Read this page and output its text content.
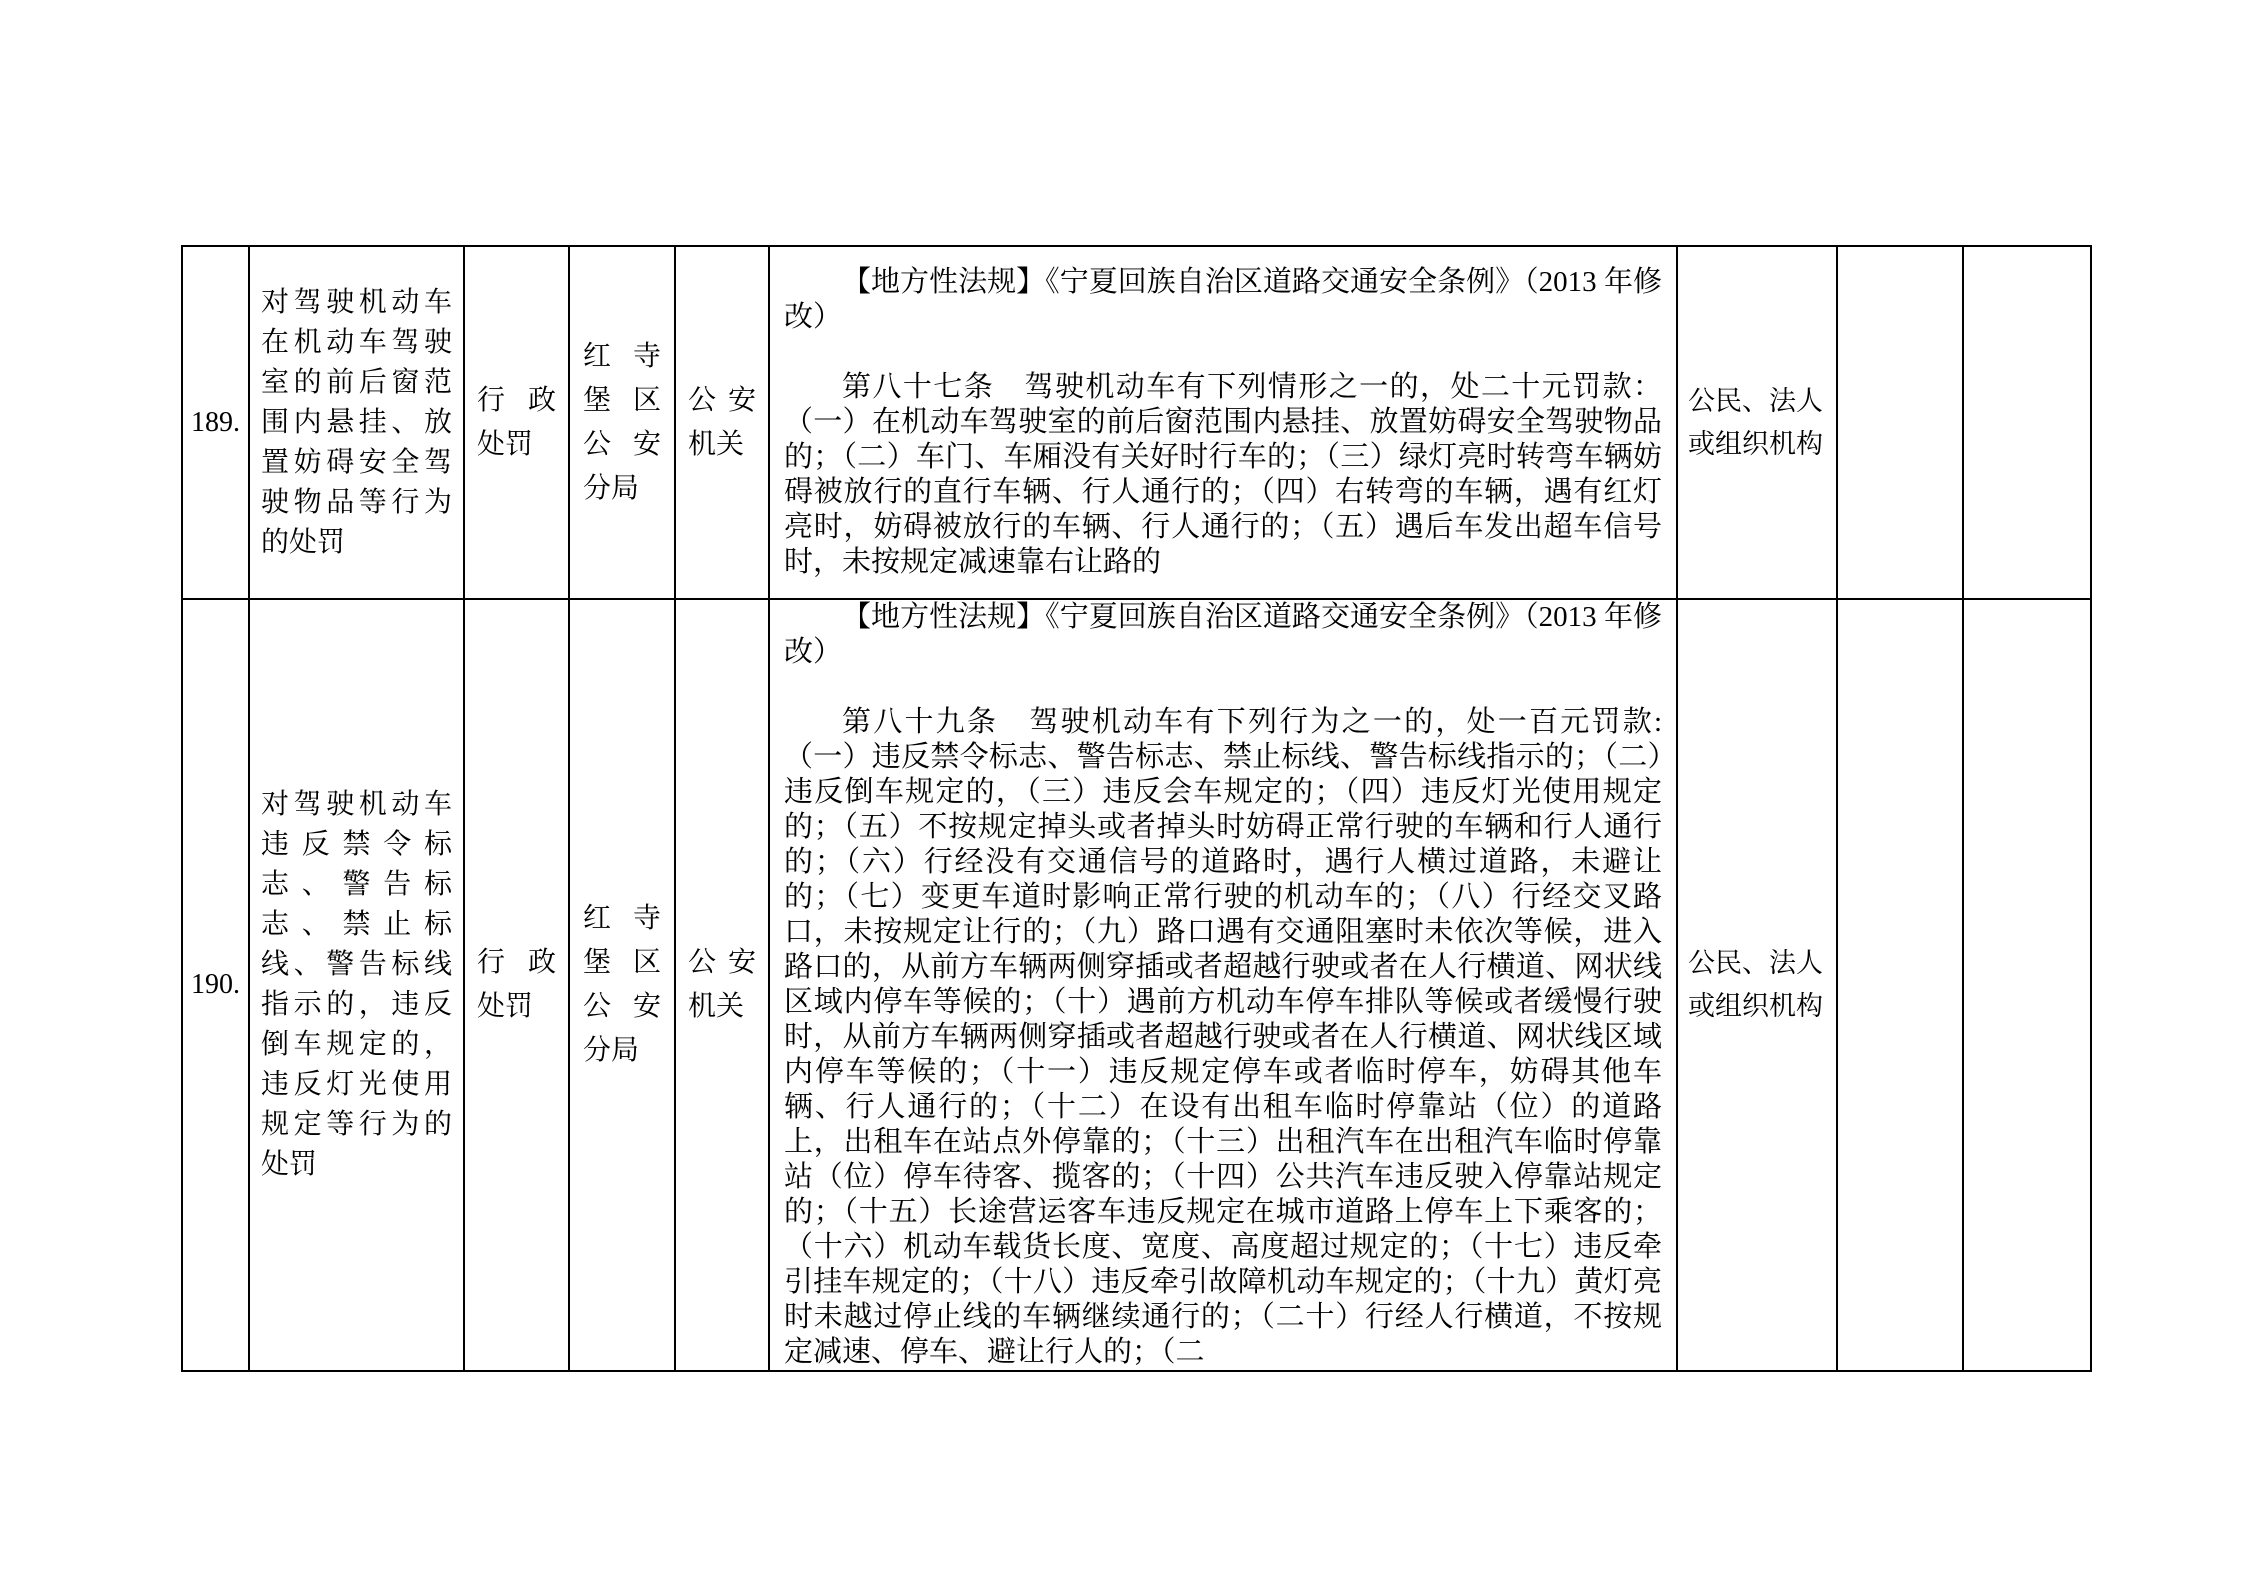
189.	对驾驶机动车在机动车驾驶室的前后窗范围内悬挂、放置妨碍安全驾驶物品等行为的处罚	行政处罚	红寺堡区公安分局	公安机关	【地方性法规】《宁夏回族自治区道路交通安全条例》（2013 年修改）

第八十七条　驾驶机动车有下列情形之一的，处二十元罚款：（一）在机动车驾驶室的前后窗范围内悬挂、放置妨碍安全驾驶物品的；（二）车门、车厢没有关好时行车的；（三）绿灯亮时转弯车辆妨碍被放行的直行车辆、行人通行的；（四）右转弯的车辆，遇有红灯亮时，妨碍被放行的车辆、行人通行的；（五）遇后车发出超车信号时，未按规定减速靠右让路的	公民、法人或组织机构		
190.	对驾驶机动车违反禁令标志、警告标志、禁止标线、警告标线指示的，违反倒车规定的，违反灯光使用规定等行为的处罚	行政处罚	红寺堡区公安分局	公安机关	【地方性法规】《宁夏回族自治区道路交通安全条例》（2013 年修改）

第八十九条　驾驶机动车有下列行为之一的，处一百元罚款:（一）违反禁令标志、警告标志、禁止标线、警告标线指示的；（二）违反倒车规定的，（三）违反会车规定的；（四）违反灯光使用规定的；（五）不按规定掉头或者掉头时妨碍正常行驶的车辆和行人通行的；（六）行经没有交通信号的道路时，遇行人横过道路，未避让的；（七）变更车道时影响正常行驶的机动车的；（八）行经交叉路口，未按规定让行的；（九）路口遇有交通阻塞时未依次等候，进入路口的，从前方车辆两侧穿插或者超越行驶或者在人行横道、网状线区域内停车等候的；（十）遇前方机动车停车排队等候或者缓慢行驶时，从前方车辆两侧穿插或者超越行驶或者在人行横道、网状线区域内停车等候的；（十一）违反规定停车或者临时停车，妨碍其他车辆、行人通行的；（十二）在设有出租车临时停靠站（位）的道路上，出租车在站点外停靠的；（十三）出租汽车在出租汽车临时停靠站（位）停车待客、揽客的；（十四）公共汽车违反驶入停靠站规定的；（十五）长途营运客车违反规定在城市道路上停车上下乘客的；（十六）机动车载货长度、宽度、高度超过规定的；（十七）违反牵引挂车规定的；（十八）违反牵引故障机动车规定的；（十九）黄灯亮时未越过停止线的车辆继续通行的；（二十）行经人行横道，不按规定减速、停车、避让行人的；（二	公民、法人或组织机构		
